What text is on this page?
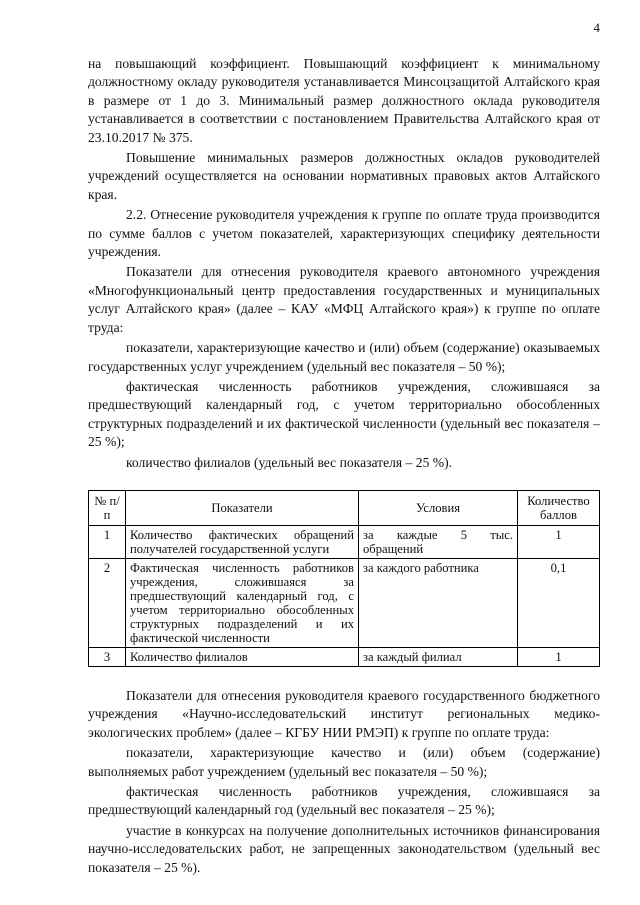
4

на повышающий коэффициент. Повышающий коэффициент к минимальному должностному окладу руководителя устанавливается Минсоцзащитой Алтайского края в размере от 1 до 3. Минимальный размер должностного оклада руководителя устанавливается в соответствии с постановлением Правительства Алтайского края от 23.10.2017 № 375.

Повышение минимальных размеров должностных окладов руководителей учреждений осуществляется на основании нормативных правовых актов Алтайского края.

2.2. Отнесение руководителя учреждения к группе по оплате труда производится по сумме баллов с учетом показателей, характеризующих специфику деятельности учреждения.

Показатели для отнесения руководителя краевого автономного учреждения «Многофункциональный центр предоставления государственных и муниципальных услуг Алтайского края» (далее – КАУ «МФЦ Алтайского края») к группе по оплате труда:

показатели, характеризующие качество и (или) объем (содержание) оказываемых государственных услуг учреждением (удельный вес показателя – 50 %);

фактическая численность работников учреждения, сложившаяся за предшествующий календарный год, с учетом территориально обособленных структурных подразделений и их фактической численности (удельный вес показателя – 25 %);

количество филиалов (удельный вес показателя – 25 %).

№ п/п	Показатели	Условия	Количество баллов
1	Количество фактических обращений получателей государственной услуги	за каждые 5 тыс. обращений	1
2	Фактическая численность работников учреждения, сложившаяся за предшествующий календарный год, с учетом территориально обособленных структурных подразделений и их фактической численности	за каждого работника	0,1
3	Количество филиалов	за каждый филиал	1

Показатели для отнесения руководителя краевого государственного бюджетного учреждения «Научно-исследовательский институт региональных медико-экологических проблем» (далее – КГБУ НИИ РМЭП) к группе по оплате труда:

показатели, характеризующие качество и (или) объем (содержание) выполняемых работ учреждением (удельный вес показателя – 50 %);

фактическая численность работников учреждения, сложившаяся за предшествующий календарный год (удельный вес показателя – 25 %);

участие в конкурсах на получение дополнительных источников финансирования научно-исследовательских работ, не запрещенных законодательством (удельный вес показателя – 25 %).
